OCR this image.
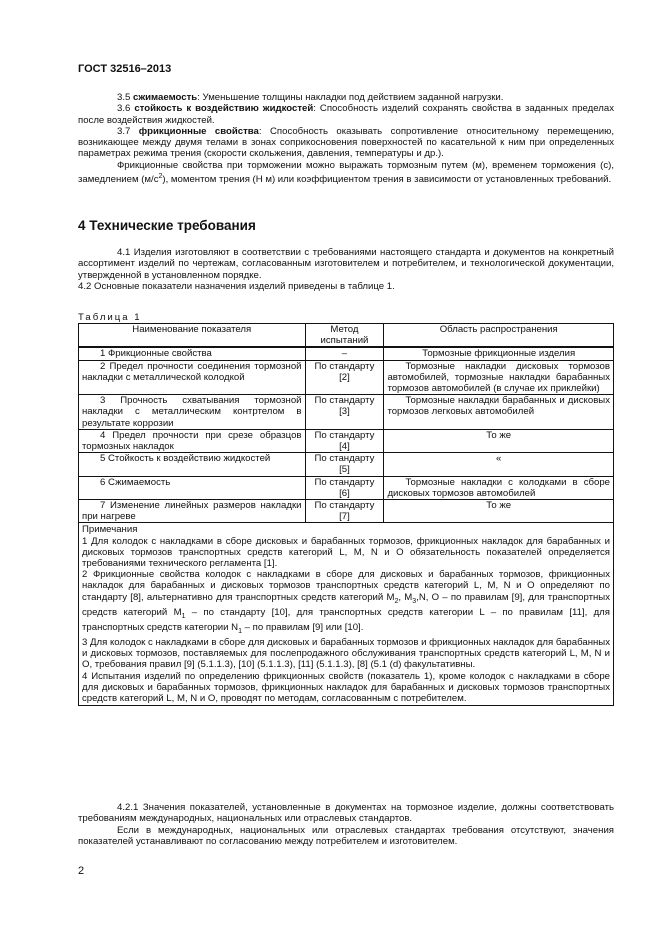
ГОСТ 32516–2013

3.5 сжимаемость: Уменьшение толщины накладки под действием заданной нагрузки.

3.6 стойкость к воздействию жидкостей: Способность изделий сохранять свойства в заданных пределах после воздействия жидкостей.

3.7 фрикционные свойства: Способность оказывать сопротивление относительному перемещению, возникающее между двумя телами в зонах соприкосновения поверхностей по касательной к ним при определенных параметрах режима трения (скорости скольжения, давления, температуры и др.).

Фрикционные свойства при торможении можно выражать тормозным путем (м), временем торможения (с), замедлением $(м/с^2)$, моментом трения (Н м) или коэффициентом трения в зависимости от установленных требований.

4 Технические требования

4.1 Изделия изготовляют в соответствии с требованиями настоящего стандарта и документов на конкретный ассортимент изделий по чертежам, согласованным изготовителем и потребителем, и технологической документации, утвержденной в установленном порядке.

4.2 Основные показатели назначения изделий приведены в таблице 1.

Таблица 1
Наименование показателя	Метод испытаний	Область распространения
1 Фрикционные свойства	–	Тормозные фрикционные изделия
2 Предел прочности соединения тормозной накладки с металлической колодкой	По стандарту [2]	Тормозные накладки дисковых тормозов автомобилей, тормозные накладки барабанных тормозов автомобилей (в случае их приклейки)
3 Прочность схватывания тормозной накладки с металлическим контртелом в результате коррозии	По стандарту [3]	Тормозные накладки барабанных и дисковых тормозов легковых автомобилей
4 Предел прочности при срезе образцов тормозных накладок	По стандарту [4]	То же
5 Стойкость к воздействию жидкостей	По стандарту [5]	«
6 Сжимаемость	По стандарту [6]	Тормозные накладки с колодками в сборе дисковых тормозов автомобилей
7 Изменение линейных размеров накладки при нагреве	По стандарту [7]	То же

Примечания

1 Для колодок с накладками в сборе дисковых и барабанных тормозов, фрикционных накладок для барабанных и дисковых тормозов транспортных средств категорий L, M, N и O обязательность показателей определяется требованиями технического регламента [1].

2 Фрикционные свойства колодок с накладками в сборе для дисковых и барабанных тормозов, фрикционных накладок для барабанных и дисковых тормозов транспортных средств категорий L, M, N и O определяют по стандарту [8], альтернативно для транспортных средств категорий $M_2$, $M_3,N$, O – по правилам [9], для транспортных средств категорий $M_1$ – по стандарту [10], для транспортных средств категории L – по правилам [11], для транспортных средств категории $N_1$ – по правилам [9] или [10].

3 Для колодок с накладками в сборе для дисковых и барабанных тормозов и фрикционных накладок для барабанных и дисковых тормозов, поставляемых для послепродажного обслуживания транспортных средств категорий L, M, N и O, требования правил [9] (5.1.1.3), [10] (5.1.1.3), [11] (5.1.1.3), [8] (5.1 (d) факультативны.

4 Испытания изделий по определению фрикционных свойств (показатель 1), кроме колодок с накладками в сборе для дисковых и барабанных тормозов, фрикционных накладок для барабанных и дисковых тормозов транспортных средств категорий L, M, N и O, проводят по методам, согласованным с потребителем.		

4.2.1 Значения показателей, установленные в документах на тормозное изделие, должны соответствовать требованиям международных, национальных или отраслевых стандартов.

Если в международных, национальных или отраслевых стандартах требования отсутствуют, значения показателей устанавливают по согласованию между потребителем и изготовителем.

2
